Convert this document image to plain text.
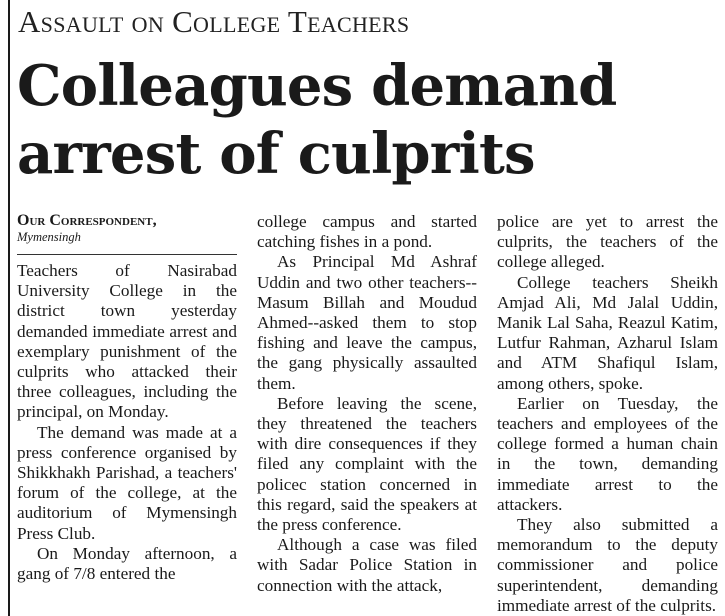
Assault on College Teachers
Colleagues demand arrest of culprits
Our Correspondent,
Mymensingh

Teachers of Nasirabad University College in the district town yesterday demanded immediate arrest and exemplary punishment of the culprits who attacked their three colleagues, including the principal, on Monday.

The demand was made at a press conference organised by Shikkhakh Parishad, a teachers' forum of the college, at the auditorium of Mymensingh Press Club.

On Monday afternoon, a gang of 7/8 entered the

college campus and started catching fishes in a pond.

As Principal Md Ashraf Uddin and two other teachers--Masum Billah and Moudud Ahmed--asked them to stop fishing and leave the campus, the gang physically assaulted them.

Before leaving the scene, they threatened the teachers with dire consequences if they filed any complaint with the policec station concerned in this regard, said the speakers at the press conference.

Although a case was filed with Sadar Police Station in connection with the attack,

police are yet to arrest the culprits, the teachers of the college alleged.

College teachers Sheikh Amjad Ali, Md Jalal Uddin, Manik Lal Saha, Reazul Katim, Lutfur Rahman, Azharul Islam and ATM Shafiqul Islam, among others, spoke.

Earlier on Tuesday, the teachers and employees of the college formed a human chain in the town, demanding immediate arrest to the attackers.

They also submitted a memorandum to the deputy commissioner and police superintendent, demanding immediate arrest of the culprits.
